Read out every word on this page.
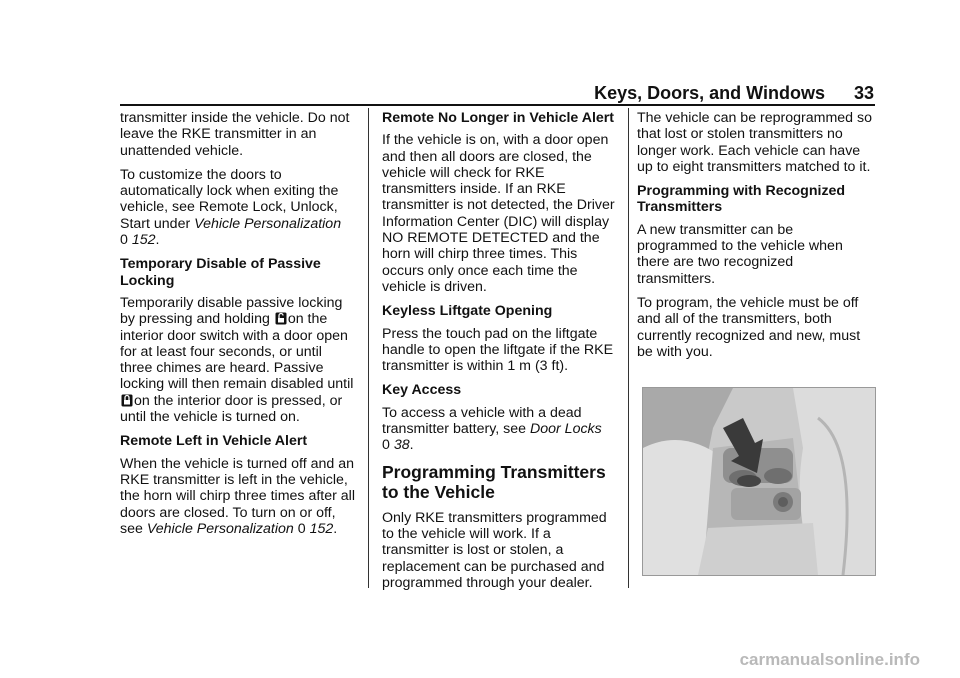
Keys, Doors, and Windows 33

transmitter inside the vehicle. Do not leave the RKE transmitter in an unattended vehicle.

To customize the doors to automatically lock when exiting the vehicle, see Remote Lock, Unlock, Start under Vehicle Personalization
0 152.

Temporary Disable of Passive Locking

Temporarily disable passive locking by pressing and holding on the interior door switch with a door open for at least four seconds, or until three chimes are heard. Passive locking will then remain disabled until on the interior door is pressed, or until the vehicle is turned on.

Remote Left in Vehicle Alert

When the vehicle is turned off and an RKE transmitter is left in the vehicle, the horn will chirp three times after all doors are closed. To turn on or off, see Vehicle Personalization 0 152.

Remote No Longer in Vehicle Alert

If the vehicle is on, with a door open and then all doors are closed, the vehicle will check for RKE transmitters inside. If an RKE transmitter is not detected, the Driver Information Center (DIC) will display NO REMOTE DETECTED and the horn will chirp three times. This occurs only once each time the vehicle is driven.

Keyless Liftgate Opening

Press the touch pad on the liftgate handle to open the liftgate if the RKE transmitter is within 1 m (3 ft).

Key Access

To access a vehicle with a dead transmitter battery, see Door Locks
0 38.

Programming Transmitters to the Vehicle

Only RKE transmitters programmed to the vehicle will work. If a transmitter is lost or stolen, a replacement can be purchased and programmed through your dealer.

The vehicle can be reprogrammed so that lost or stolen transmitters no longer work. Each vehicle can have up to eight transmitters matched to it.

Programming with Recognized Transmitters

A new transmitter can be programmed to the vehicle when there are two recognized transmitters.

To program, the vehicle must be off and all of the transmitters, both currently recognized and new, must be with you.

carmanualsonline.info
